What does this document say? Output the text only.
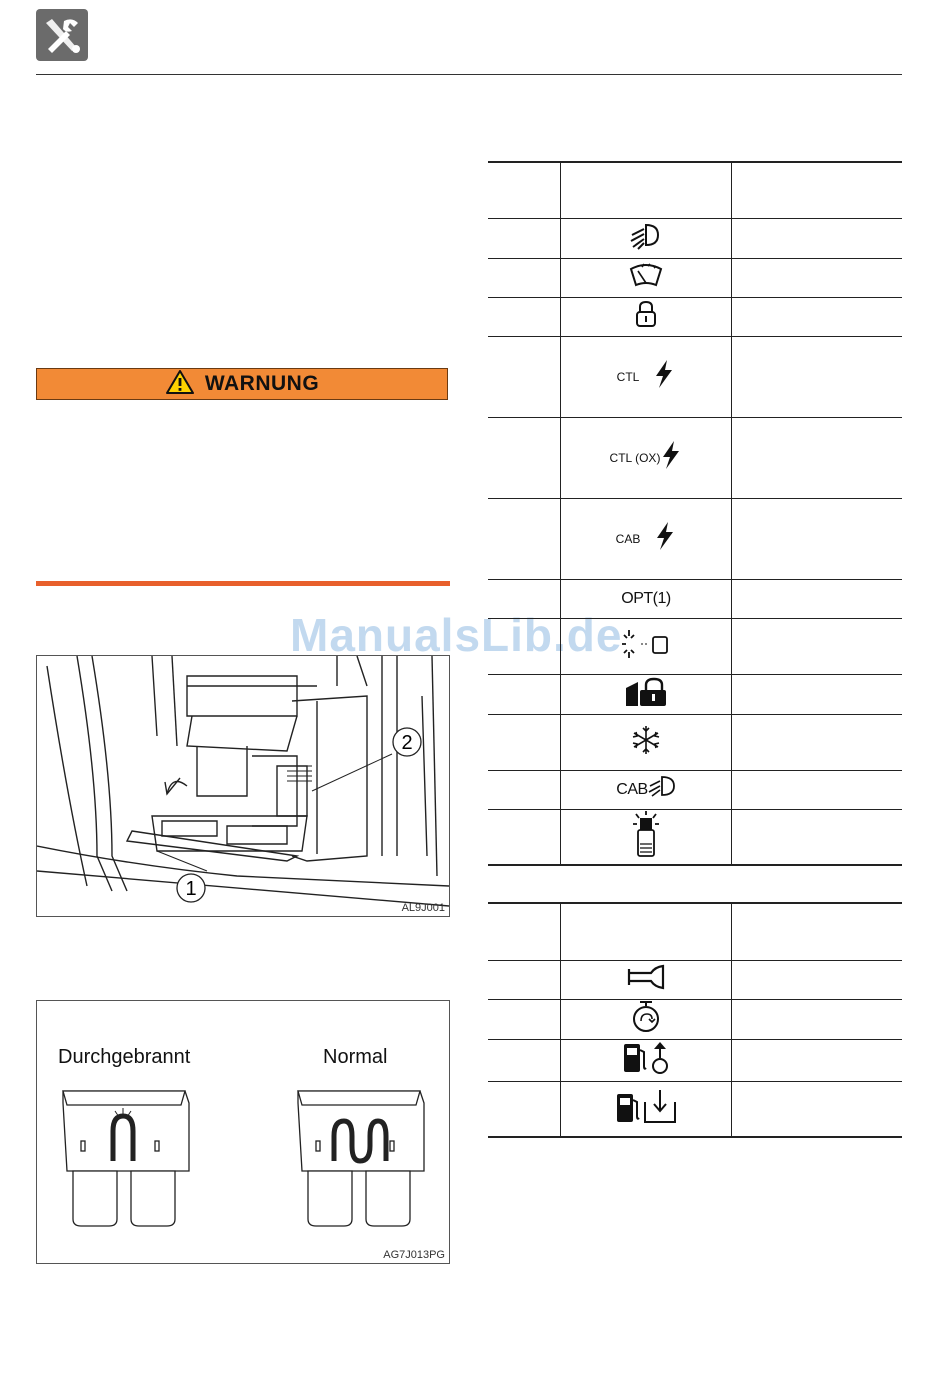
WARNUNG
2
1
AL9J001
Durchgebrannt	Normal
AG7J013PG
ManualsLib.de

	CTL	

	CTL (OX)	

	CAB	

	OPT(1)	

	CAB	
